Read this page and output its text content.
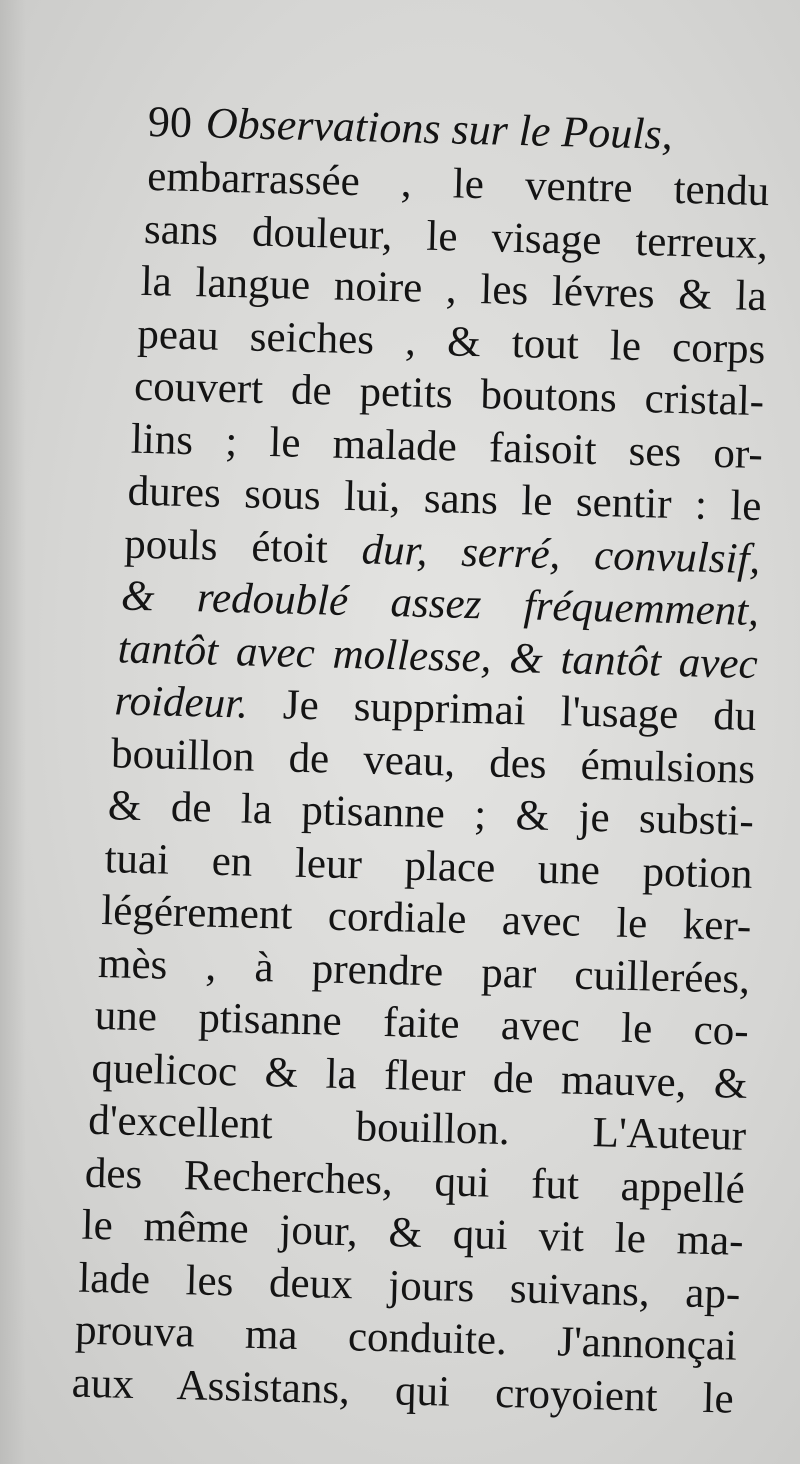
90 Observations sur le Pouls,
embarrassée , le ventre tendu
sans douleur, le visage terreux,
la langue noire , les lévres & la
peau seiches , & tout le corps
couvert de petits boutons cristal-
lins ; le malade faisoit ses or-
dures sous lui, sans le sentir : le
pouls étoit dur, serré, convulsif,
& redoublé assez fréquemment,
tantôt avec mollesse, & tantôt avec
roideur. Je supprimai l'usage du
bouillon de veau, des émulsions
& de la ptisanne ; & je substi-
tuai en leur place une potion
légérement cordiale avec le ker-
mès , à prendre par cuillerées,
une ptisanne faite avec le co-
quelicoc & la fleur de mauve, &
d'excellent bouillon. L'Auteur
des Recherches, qui fut appellé
le même jour, & qui vit le ma-
lade les deux jours suivans, ap-
prouva ma conduite. J'annonçai
aux Assistans, qui croyoient le
